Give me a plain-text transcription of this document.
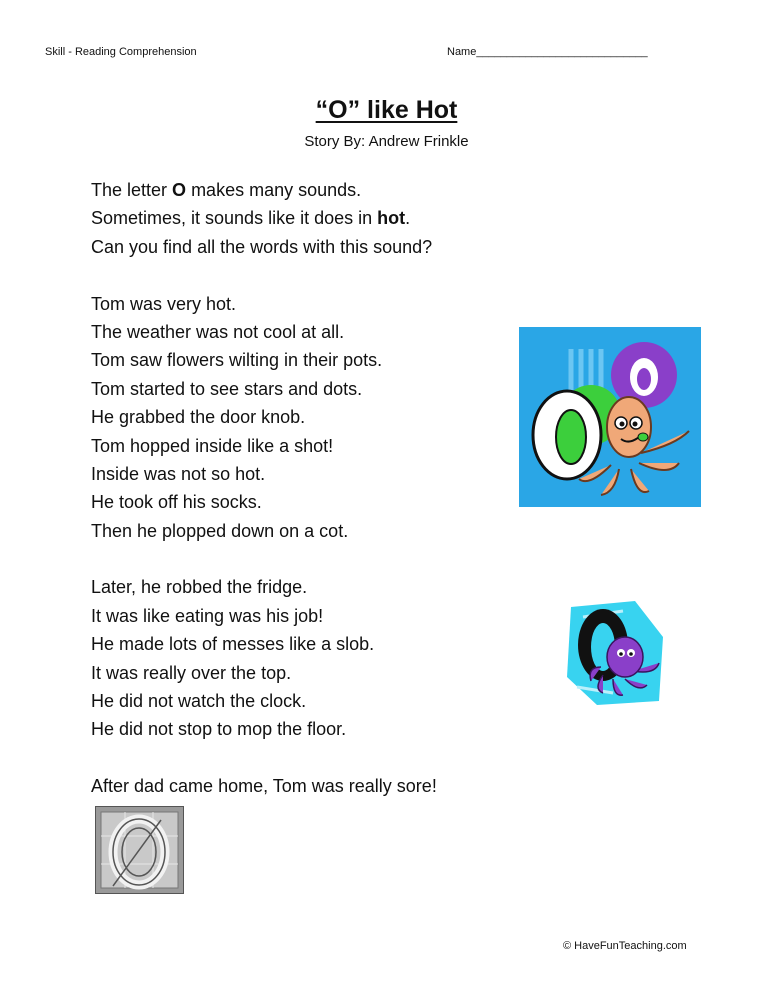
Skill - Reading Comprehension	Name____________________________
“O” like Hot
Story By: Andrew Frinkle
The letter O makes many sounds.
Sometimes, it sounds like it does in hot.
Can you find all the words with this sound?
Tom was very hot.
The weather was not cool at all.
Tom saw flowers wilting in their pots.
Tom started to see stars and dots.
He grabbed the door knob.
Tom hopped inside like a shot!
Inside was not so hot.
He took off his socks.
Then he plopped down on a cot.
Later, he robbed the fridge.
It was like eating was his job!
He made lots of messes like a slob.
It was really over the top.
He did not watch the clock.
He did not stop to mop the floor.
After dad came home, Tom was really sore!
© HaveFunTeaching.com
